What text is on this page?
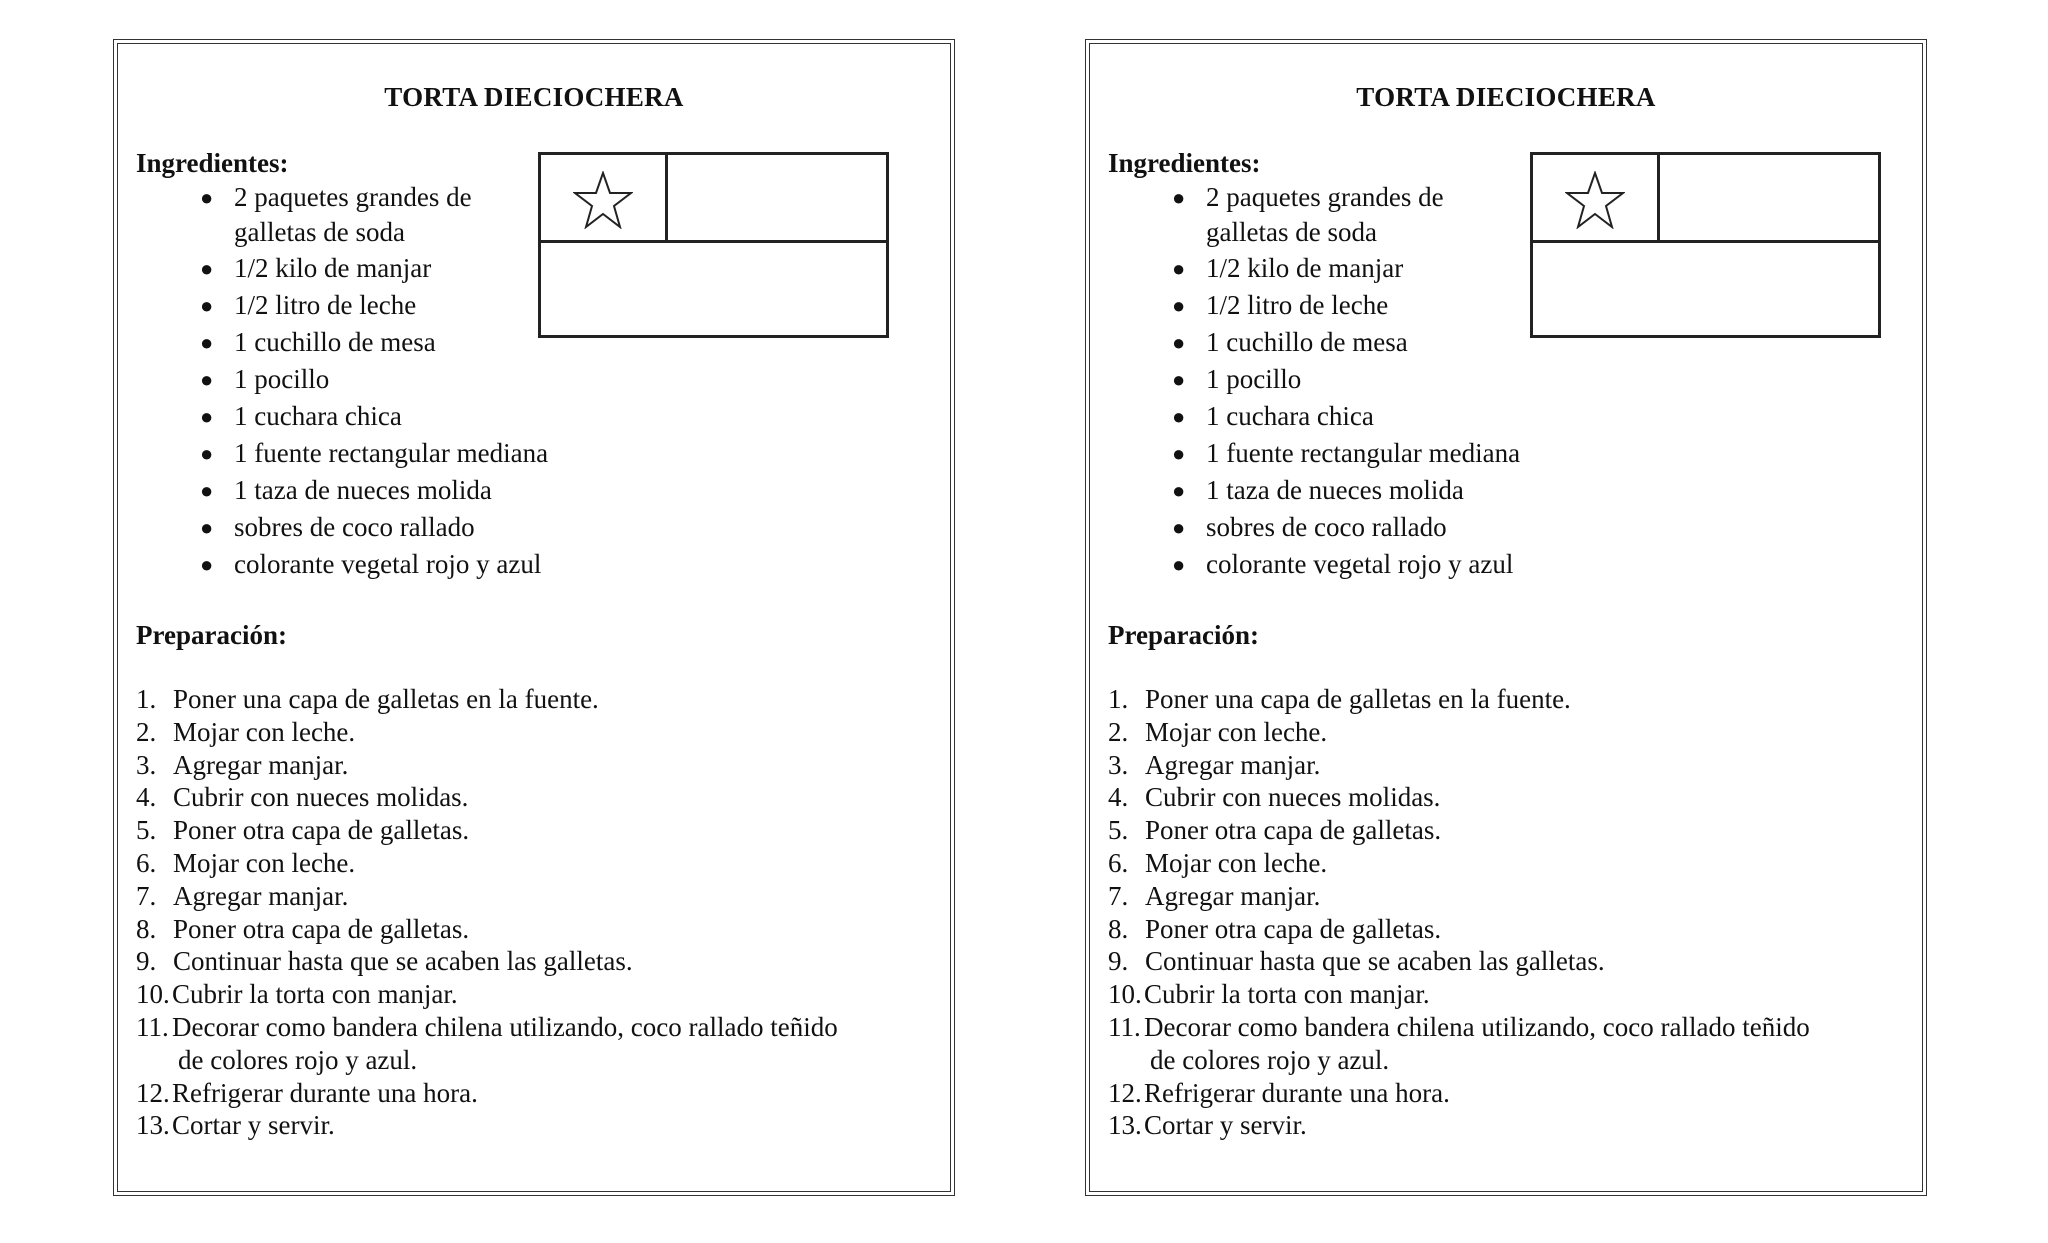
TORTA DIECIOCHERA
Ingredientes:
● 2 paquetes grandes de galletas de soda
● 1/2 kilo de manjar
● 1/2 litro de leche
● 1 cuchillo de mesa
● 1 pocillo
● 1 cuchara chica
● 1 fuente rectangular mediana
● 1 taza de nueces molida
● sobres de coco rallado
● colorante vegetal rojo y azul
Preparación:
1. Poner una capa de galletas en la fuente.
2. Mojar con leche.
3. Agregar manjar.
4. Cubrir con nueces molidas.
5. Poner otra capa de galletas.
6. Mojar con leche.
7. Agregar manjar.
8. Poner otra capa de galletas.
9. Continuar hasta que se acaben las galletas.
10.Cubrir la torta con manjar.
11. Decorar como bandera chilena utilizando, coco rallado teñido
de colores rojo y azul.
12.Refrigerar durante una hora.
13.Cortar y servir.
TORTA DIECIOCHERA
Ingredientes:
● 2 paquetes grandes de galletas de soda
● 1/2 kilo de manjar
● 1/2 litro de leche
● 1 cuchillo de mesa
● 1 pocillo
● 1 cuchara chica
● 1 fuente rectangular mediana
● 1 taza de nueces molida
● sobres de coco rallado
● colorante vegetal rojo y azul
Preparación:
1. Poner una capa de galletas en la fuente.
2. Mojar con leche.
3. Agregar manjar.
4. Cubrir con nueces molidas.
5. Poner otra capa de galletas.
6. Mojar con leche.
7. Agregar manjar.
8. Poner otra capa de galletas.
9. Continuar hasta que se acaben las galletas.
10.Cubrir la torta con manjar.
11. Decorar como bandera chilena utilizando, coco rallado teñido
de colores rojo y azul.
12.Refrigerar durante una hora.
13.Cortar y servir.
